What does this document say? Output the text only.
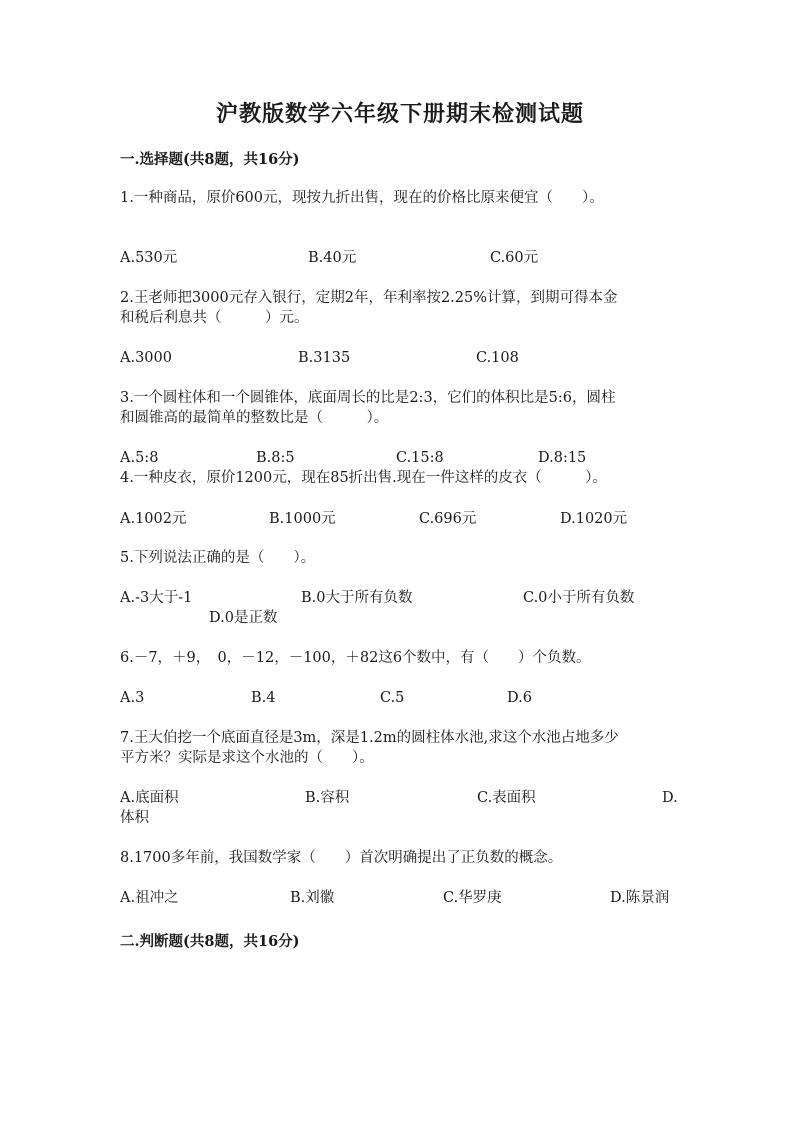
沪教版数学六年级下册期末检测试题
一.选择题(共8题，共16分)
1.一种商品，原价600元，现按九折出售，现在的价格比原来便宜（　　）。
A.530元	B.40元	C.60元
2.王老师把3000元存入银行，定期2年，年利率按2.25%计算，到期可得本金
和税后利息共（　　　）元。
A.3000	B.3135	C.108
3.一个圆柱体和一个圆锥体，底面周长的比是2:3，它们的体积比是5:6，圆柱
和圆锥高的最简单的整数比是（　　　）。
A.5:8	B.8:5	C.15:8	D.8:15
4.一种皮衣，原价1200元，现在85折出售.现在一件这样的皮衣（　　　）。
A.1002元	B.1000元	C.696元	D.1020元
5.下列说法正确的是（　　）。
A.-3大于-1	B.0大于所有负数	C.0小于所有负数
D.0是正数
6.－7，＋9，　0，－12，－100，＋82这6个数中，有（　　）个负数。
A.3	B.4	C.5	D.6
7.王大伯挖一个底面直径是3m，深是1.2m的圆柱体水池,求这个水池占地多少
平方米？实际是求这个水池的（　　）。
A.底面积	B.容积	C.表面积	D.
体积
8.1700多年前，我国数学家（　　）首次明确提出了正负数的概念。
A.祖冲之	B.刘徽	C.华罗庚	D.陈景润
二.判断题(共8题，共16分)
